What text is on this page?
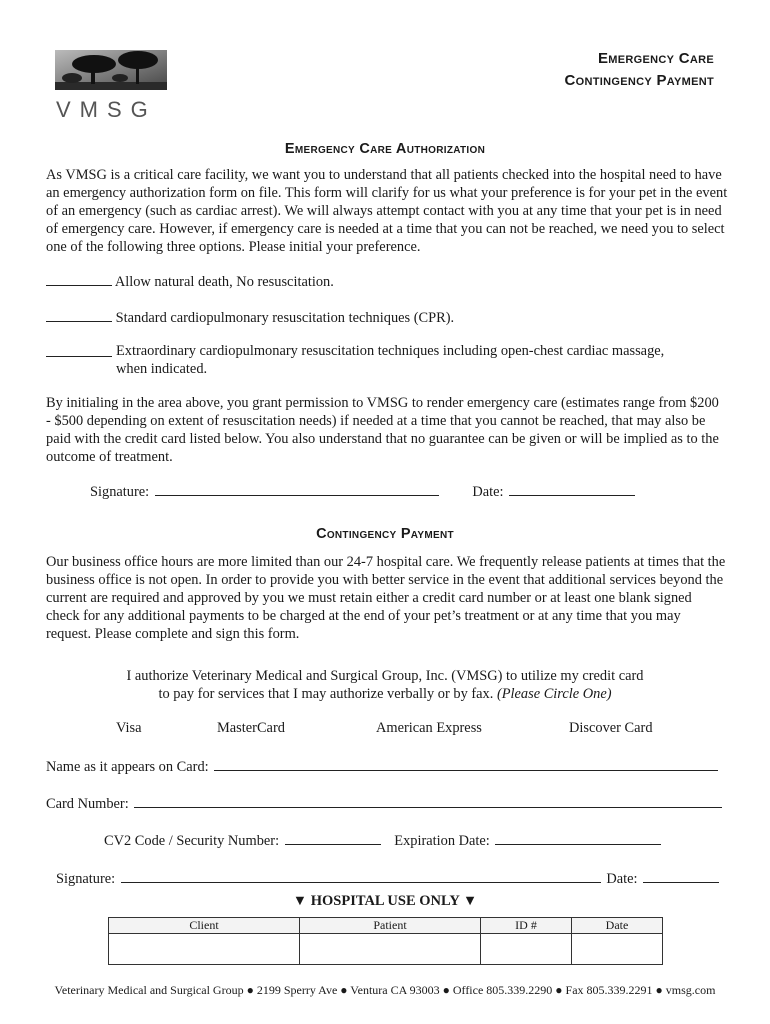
VMSG
Emergency Care
Contingency Payment
Emergency Care Authorization
As VMSG is a critical care facility, we want you to understand that all patients checked into the hospital need to have an emergency authorization form on file. This form will clarify for us what your preference is for your pet in the event of an emergency (such as cardiac arrest). We will always attempt contact with you at any time that your pet is in need of emergency care. However, if emergency care is needed at a time that you can not be reached, we need you to select one of the following three options. Please initial your preference.
Allow natural death, No resuscitation.
Standard cardiopulmonary resuscitation techniques (CPR).
Extraordinary cardiopulmonary resuscitation techniques including open-chest cardiac massage, when indicated.
By initialing in the area above, you grant permission to VMSG to render emergency care (estimates range from $200 - $500 depending on extent of resuscitation needs) if needed at a time that you cannot be reached, that may also be paid with the credit card listed below. You also understand that no guarantee can be given or will be implied as to the outcome of treatment.
Signature:	Date:
Contingency Payment
Our business office hours are more limited than our 24-7 hospital care. We frequently release patients at times that the business office is not open. In order to provide you with better service in the event that additional services beyond the current are required and approved by you we must retain either a credit card number or at least one blank signed check for any additional payments to be charged at the end of your pet’s treatment or at any time that you may request. Please complete and sign this form.
I authorize Veterinary Medical and Surgical Group, Inc. (VMSG) to utilize my credit card
to pay for services that I may authorize verbally or by fax. (Please Circle One)
Visa	MasterCard	American Express	Discover Card
Name as it appears on Card:
Card Number:
CV2 Code / Security Number:	Expiration Date:
Signature:	Date:
▼ HOSPITAL USE ONLY ▼
Client	Patient	ID #	Date

Veterinary Medical and Surgical Group ● 2199 Sperry Ave ● Ventura CA 93003 ● Office 805.339.2290 ● Fax 805.339.2291 ● vmsg.com
